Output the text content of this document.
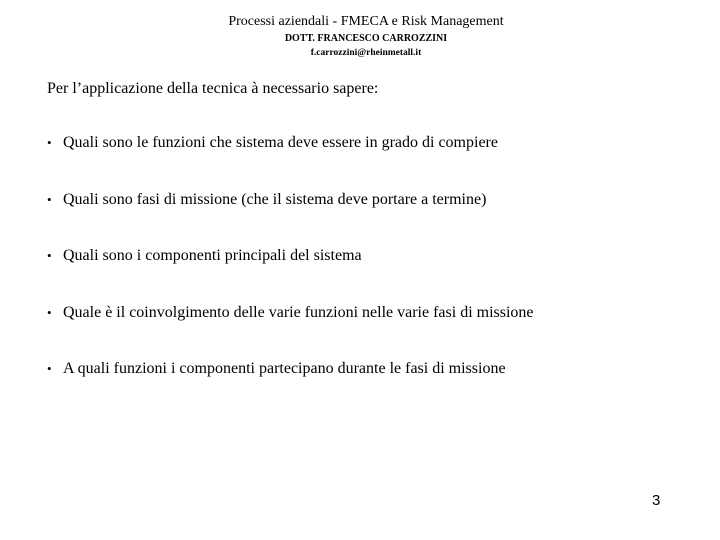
Processi aziendali - FMECA e Risk Management
DOTT. FRANCESCO CARROZZINI
f.carrozzini@rheinmetall.it
Per l’applicazione della tecnica à necessario sapere:
• Quali sono le funzioni che sistema deve essere in grado di compiere
• Quali sono fasi di missione (che il sistema deve portare a termine)
• Quali sono i componenti principali del sistema
• Quale è il coinvolgimento delle varie funzioni nelle varie fasi di missione
• A quali funzioni i componenti partecipano durante le fasi di missione
3
